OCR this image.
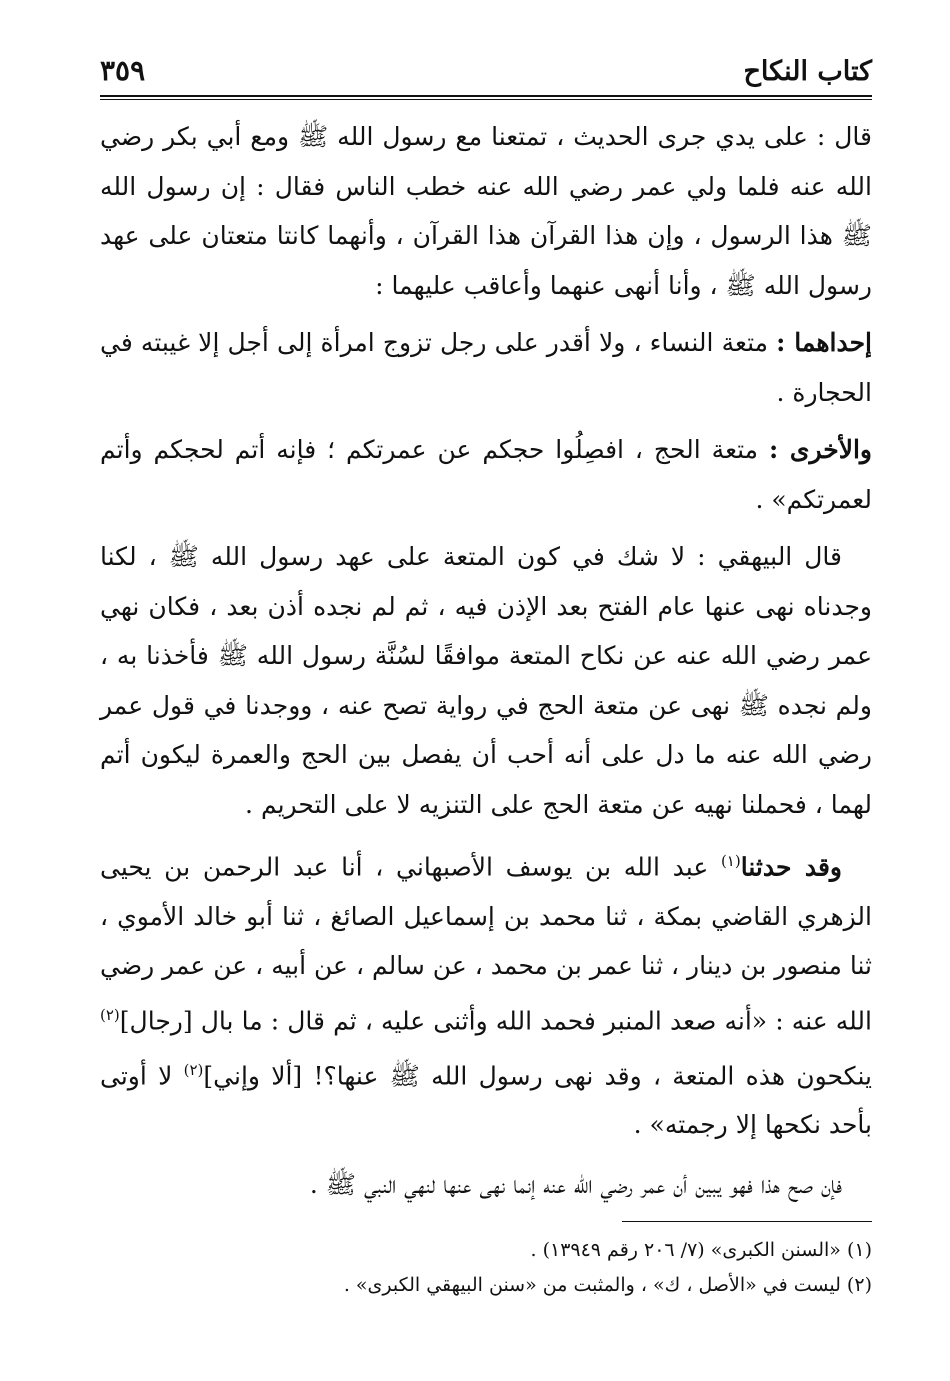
٣٥٩	كتاب النكاح

قال : على يدي جرى الحديث ، تمتعنا مع رسول الله ﷺ ومع أبي بكر رضي الله عنه فلما ولي عمر رضي الله عنه خطب الناس فقال : إن رسول الله ﷺ هذا الرسول ، وإن هذا القرآن هذا القرآن ، وأنهما كانتا متعتان على عهد رسول الله ﷺ ، وأنا أنهى عنهما وأعاقب عليهما :

إحداهما : متعة النساء ، ولا أقدر على رجل تزوج امرأة إلى أجل إلا غيبته في الحجارة .

والأخرى : متعة الحج ، افصِلُوا حجكم عن عمرتكم ؛ فإنه أتم لحجكم وأتم لعمرتكم» .

قال البيهقي : لا شك في كون المتعة على عهد رسول الله ﷺ ، لكنا وجدناه نهى عنها عام الفتح بعد الإذن فيه ، ثم لم نجده أذن بعد ، فكان نهي عمر رضي الله عنه عن نكاح المتعة موافقًا لسُنَّة رسول الله ﷺ فأخذنا به ، ولم نجده ﷺ نهى عن متعة الحج في رواية تصح عنه ، ووجدنا في قول عمر رضي الله عنه ما دل على أنه أحب أن يفصل بين الحج والعمرة ليكون أتم لهما ، فحملنا نهيه عن متعة الحج على التنزيه لا على التحريم .

وقد حدثنا$^{(١)}$ عبد الله بن يوسف الأصبهاني ، أنا عبد الرحمن بن يحيى الزهري القاضي بمكة ، ثنا محمد بن إسماعيل الصائغ ، ثنا أبو خالد الأموي ، ثنا منصور بن دينار ، ثنا عمر بن محمد ، عن سالم ، عن أبيه ، عن عمر رضي الله عنه : «أنه صعد المنبر فحمد الله وأثنى عليه ، ثم قال : ما بال [رجال]$^{(٢)}$ ينكحون هذه المتعة ، وقد نهى رسول الله ﷺ عنها؟! [ألا وإني]$^{(٢)}$ لا أوتى بأحد نكحها إلا رجمته» .

فإن صح هذا فهو يبين أن عمر رضي الله عنه إنما نهى عنها لنهي النبي ﷺ .

(١) «السنن الكبرى» (٧/ ٢٠٦ رقم ١٣٩٤٩) .

(٢) ليست في «الأصل ، ك» ، والمثبت من «سنن البيهقي الكبرى» .
